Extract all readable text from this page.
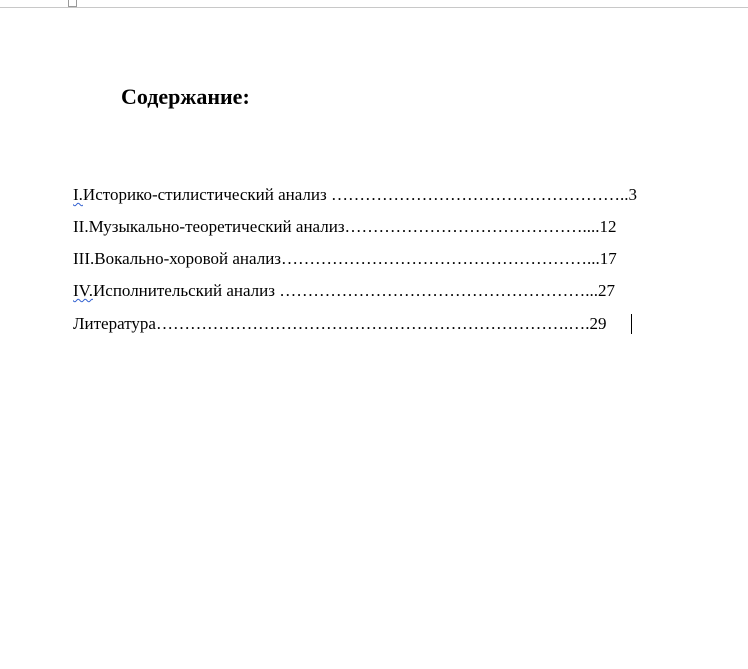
Содержание:
I.Историко-стилистический анализ ……………………………………………..3
II.Музыкально-теоретический анализ……………………………………....12
III.Вокально-хоровой анализ………………………………………………...17
IV.Исполнительский анализ ………………………………………………...27
Литература……………………………………………………………….….29
